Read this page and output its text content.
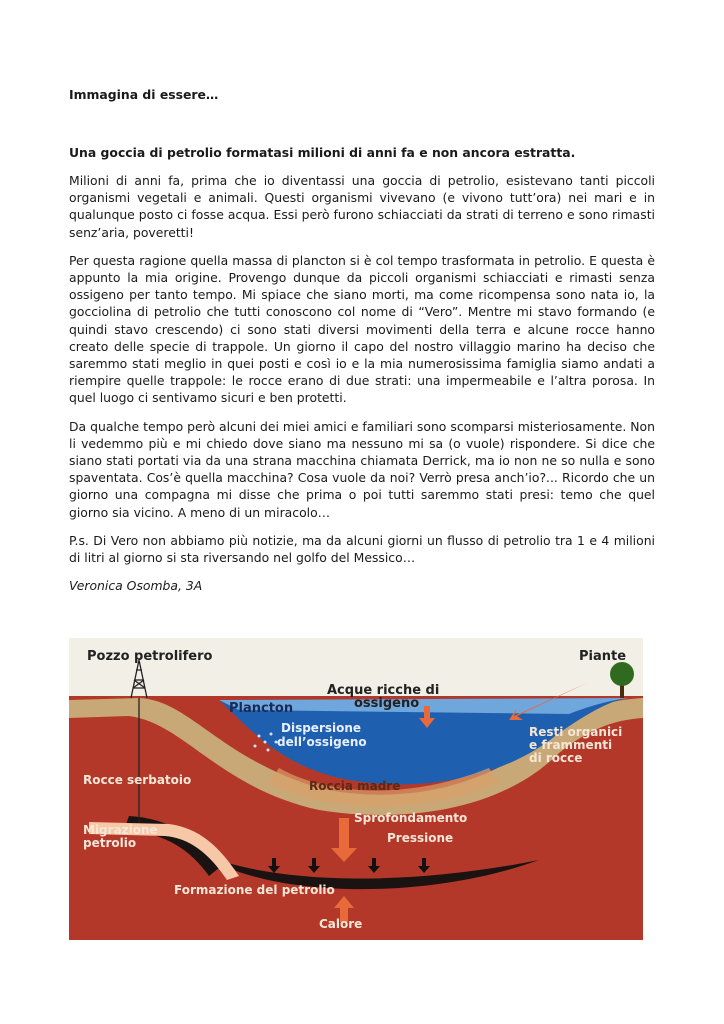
Immagina di essere…

Una goccia di petrolio formatasi milioni di anni fa e non ancora estratta.

Milioni di anni fa, prima che io diventassi una goccia di petrolio, esistevano tanti piccoli organismi vegetali e animali. Questi organismi vivevano (e vivono tutt’ora) nei mari e in qualunque posto ci fosse acqua. Essi però furono schiacciati da strati di terreno e sono rimasti senz’aria, poveretti!

Per questa ragione quella massa di plancton si è col tempo trasformata in petrolio. E questa è appunto la mia origine. Provengo dunque da piccoli organismi schiacciati e rimasti senza ossigeno per tanto tempo. Mi spiace che siano morti, ma come ricompensa sono nata io, la gocciolina di petrolio che tutti conoscono col nome di “Vero”. Mentre mi stavo formando (e quindi stavo crescendo) ci sono stati diversi movimenti della terra e alcune rocce hanno creato delle specie di trappole. Un giorno il capo del nostro villaggio marino ha deciso che saremmo stati meglio in quei posti e così io e la mia numerosissima famiglia siamo andati a riempire quelle trappole: le rocce erano di due strati: una impermeabile e l’altra porosa. In quel luogo ci sentivamo sicuri e ben protetti.

Da qualche tempo però alcuni dei miei amici e familiari sono scomparsi misteriosamente. Non li vedemmo più e mi chiedo dove siano ma nessuno mi sa (o vuole) rispondere. Si dice che siano stati portati via da una strana macchina chiamata Derrick, ma io non ne so nulla e sono spaventata. Cos’è quella macchina? Cosa vuole da noi? Verrò presa anch’io?... Ricordo che un giorno una compagna mi disse che prima o poi tutti saremmo stati presi: temo che quel giorno sia vicino. A meno di un miracolo…

P.s. Di Vero non abbiamo più notizie, ma da alcuni giorni un flusso di petrolio tra 1 e 4 milioni di litri al giorno si sta riversando nel golfo del Messico…

Veronica Osomba, 3A

Pozzo petrolifero	Piante
Acque ricche di
ossigeno
Plancton
Dispersione
dell’ossigeno
Resti organici
e frammenti
di rocce
Rocce serbatoio	Roccia madre
Sprofondamento
Pressione
Migrazione
petrolio
Formazione del petrolio
Calore
